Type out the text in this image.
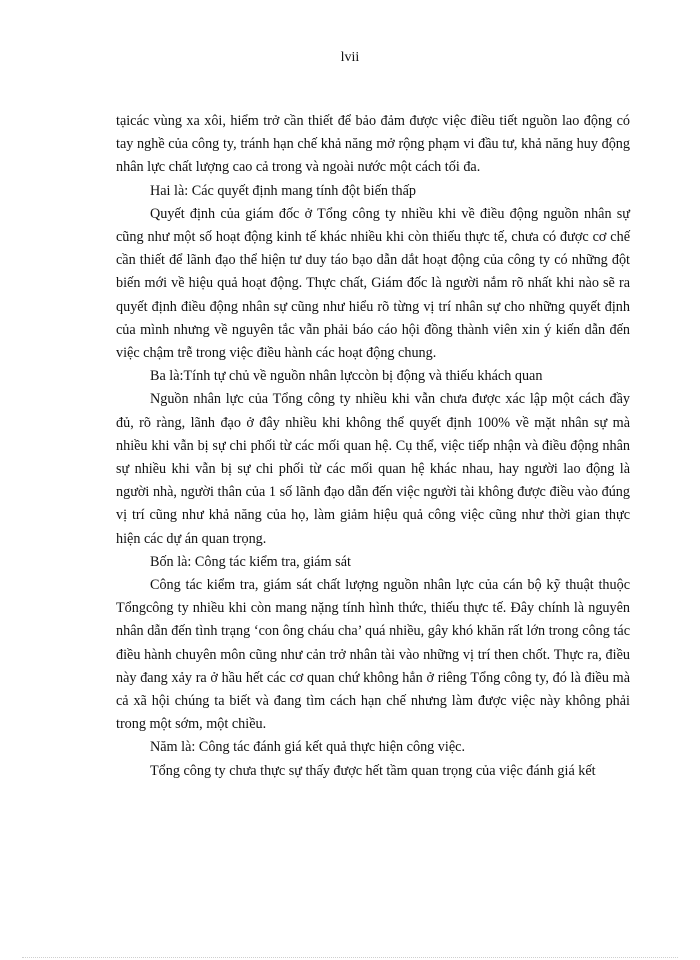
lvii

tạicác vùng xa xôi, hiểm trở cần thiết để bảo đảm được việc điều tiết nguồn lao động có tay nghề của công ty, tránh hạn chế khả năng mở rộng phạm vi đầu tư, khả năng huy động nhân lực chất lượng cao cả trong và ngoài nước một cách tối đa.

Hai là: Các quyết định mang tính đột biến thấp

Quyết định của giám đốc ở Tổng công ty nhiều khi về điều động nguồn nhân sự cũng như một số hoạt động kinh tế khác nhiều khi còn thiếu thực tế, chưa có được cơ chế cần thiết để lãnh đạo thể hiện tư duy táo bạo dẫn dắt hoạt động của công ty có những đột biến mới về hiệu quả hoạt động. Thực chất, Giám đốc là người nắm rõ nhất khi nào sẽ ra quyết định điều động nhân sự cũng như hiểu rõ từng vị trí nhân sự cho những quyết định của mình nhưng về nguyên tắc vẫn phải báo cáo hội đồng thành viên xin ý kiến dẫn đến việc chậm trễ trong việc điều hành các hoạt động chung.

Ba là:Tính tự chủ về nguồn nhân lựccòn bị động và thiếu khách quan

Nguồn nhân lực của Tổng công ty nhiều khi vẫn chưa được xác lập một cách đầy đủ, rõ ràng, lãnh đạo ở đây nhiều khi không thể quyết định 100% về mặt nhân sự mà nhiều khi vẫn bị sự chi phối từ các mối quan hệ. Cụ thể, việc tiếp nhận và điều động nhân sự nhiều khi vẫn bị sự chi phối từ các mối quan hệ khác nhau, hay người lao động là người nhà, người thân của 1 số lãnh đạo dẫn đến việc người tài không được điều vào đúng vị trí cũng như khả năng của họ, làm giảm hiệu quả công việc cũng như thời gian thực hiện các dự án quan trọng.

Bốn là: Công tác kiểm tra, giám sát

Công tác kiểm tra, giám sát chất lượng nguồn nhân lực của cán bộ kỹ thuật thuộc Tổngcông ty nhiều khi còn mang nặng tính hình thức, thiếu thực tế. Đây chính là nguyên nhân dẫn đến tình trạng ‘con ông cháu cha’ quá nhiều, gây khó khăn rất lớn trong công tác điều hành chuyên môn cũng như cản trở nhân tài vào những vị trí then chốt. Thực ra, điều này đang xảy ra ở hầu hết các cơ quan chứ không hẳn ở riêng Tổng công ty, đó là điều mà cả xã hội chúng ta biết và đang tìm cách hạn chế nhưng làm được việc này không phải trong một sớm, một chiều.

Năm là: Công tác đánh giá kết quả thực hiện công việc.

Tổng công ty chưa thực sự thấy được hết tầm quan trọng của việc đánh giá kết
